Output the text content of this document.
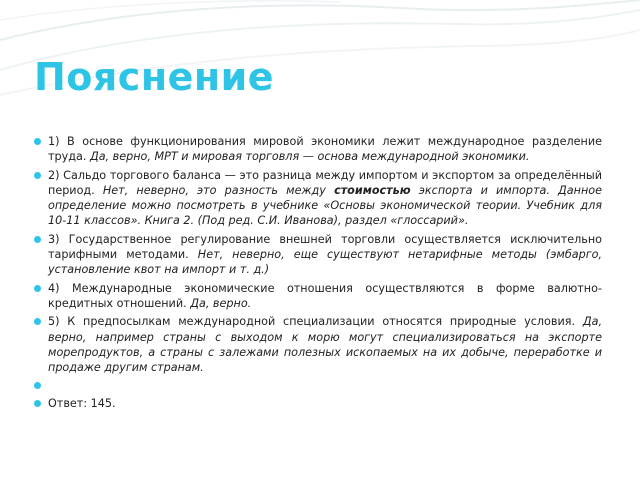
Пояснение
1) В основе функционирования мировой экономики лежит международное разделение труда. Да, верно, МРТ и мировая торговля — основа международной экономики.
2) Сальдо торгового баланса — это разница между импортом и экспортом за определённый период. Нет, неверно, это разность между стоимостью экспорта и импорта. Данное определение можно посмотреть в учебнике «Основы экономической теории. Учебник для 10-11 классов». Книга 2. (Под ред. С.И. Иванова), раздел «глоссарий».
3) Государственное регулирование внешней торговли осуществляется исключительно тарифными методами. Нет, неверно, еще существуют нетарифные методы (эмбарго, установление квот на импорт и т. д.)
4) Международные экономические отношения осуществляются в форме валютно-кредитных отношений. Да, верно.
5) К предпосылкам международной специализации относятся природные условия. Да, верно, например страны с выходом к морю могут специализироваться на экспорте морепродуктов, а страны с залежами полезных ископаемых на их добыче, переработке и продаже другим странам.
Ответ: 145.
